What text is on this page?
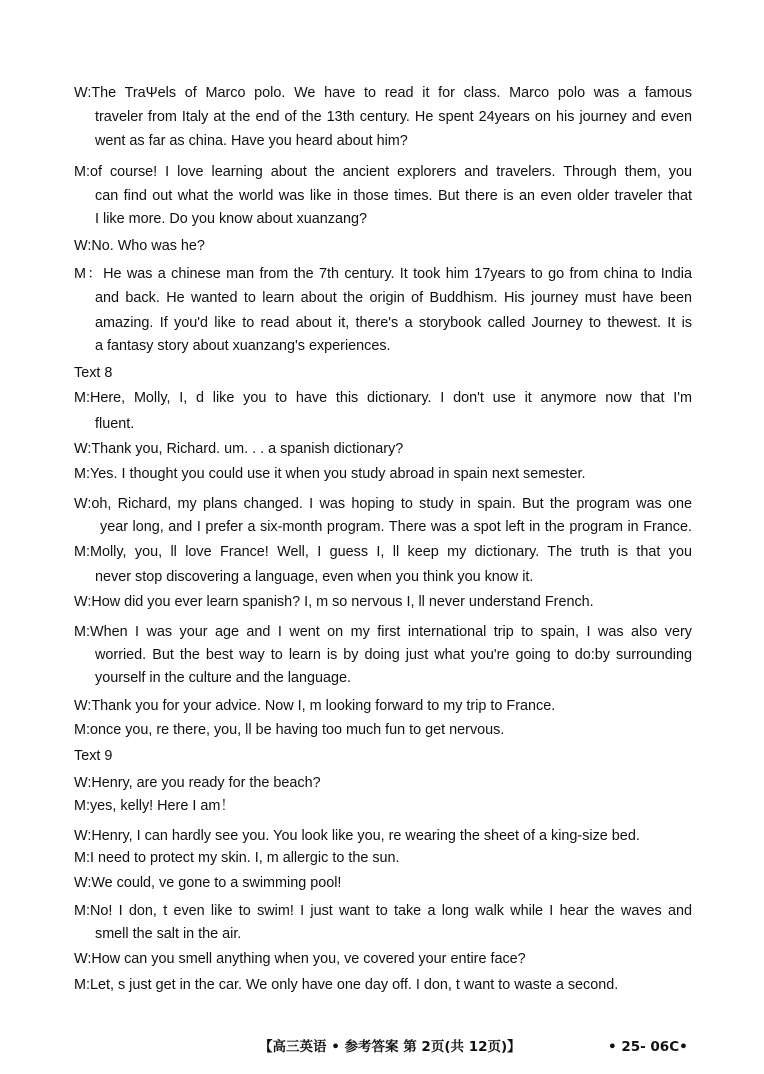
W:The TraΨels of Marco polo. We have to read it for class. Marco polo was a famous
traveler from Italy at the end of the 13th century. He spent 24years on his journey and even
went as far as china. Have you heard about him?
M:of course! I love learning about the ancient explorers and travelers. Through them, you
can find out what the world was like in those times. But there is an even older traveler that
I like more. Do you know about xuanzang?
W:No. Who was he?
M：He was a chinese man from the 7th century. It took him 17years to go from china to India
and back. He wanted to learn about the origin of Buddhism. His journey must have been
amazing. If you'd like to read about it, there's a storybook called Journey to thewest. It is
a fantasy story about xuanzang's experiences.
Text 8
M:Here, Molly, I, d like you to have this dictionary. I don't use it anymore now that I'm
fluent.
W:Thank you, Richard. um. . . a spanish dictionary?
M:Yes. I thought you could use it when you study abroad in spain next semester.
W:oh, Richard, my plans changed. I was hoping to study in spain. But the program was one
year long, and I prefer a six-month program. There was a spot left in the program in France.
M:Molly, you, ll love France! Well, I guess I, ll keep my dictionary. The truth is that you
never stop discovering a language, even when you think you know it.
W:How did you ever learn spanish? I, m so nervous I, ll never understand French.
M:When I was your age and I went on my first international trip to spain, I was also very
worried. But the best way to learn is by doing just what you're going to do:by surrounding
yourself in the culture and the language.
W:Thank you for your advice. Now I, m looking forward to my trip to France.
M:once you, re there, you, ll be having too much fun to get nervous.
Text 9
W:Henry, are you ready for the beach?
M:yes, kelly! Here I am！
W:Henry, I can hardly see you. You look like you, re wearing the sheet of a king-size bed.
M:I need to protect my skin. I, m allergic to the sun.
W:We could, ve gone to a swimming pool!
M:No! I don, t even like to swim! I just want to take a long walk while I hear the waves and
smell the salt in the air.
W:How can you smell anything when you, ve covered your entire face?
M:Let, s just get in the car. We only have one day off. I don, t want to waste a second.
【高三英语 • 参考答案 第 2页(共 12页)】	• 25- 06C•
